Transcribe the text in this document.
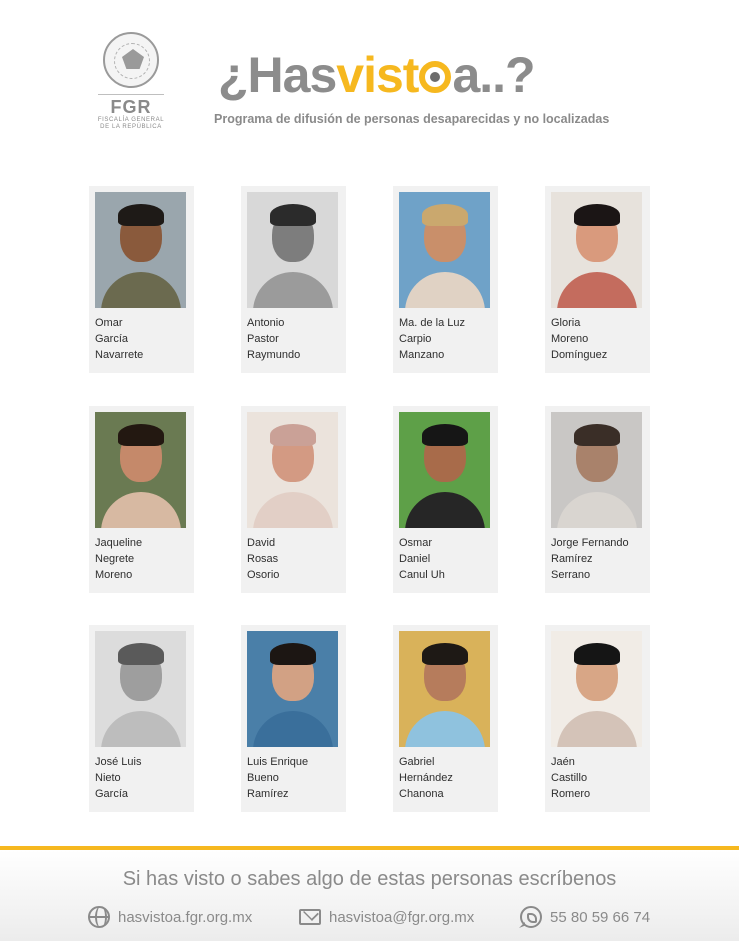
FGR
FISCALÍA GENERAL
DE LA REPÚBLICA
¿Hasvist a..?
Programa de difusión de personas desaparecidas y no localizadas
Omar
García
Navarrete
Antonio
Pastor
Raymundo
Ma. de la Luz
Carpio
Manzano
Gloria
Moreno
Domínguez
Jaqueline
Negrete
Moreno
David
Rosas
Osorio
Osmar
Daniel
Canul Uh
Jorge Fernando
Ramírez
Serrano
José Luis
Nieto
García
Luis Enrique
Bueno
Ramírez
Gabriel
Hernández
Chanona
Jaén
Castillo
Romero
Si has visto o sabes algo de estas personas escríbenos
hasvistoa.fgr.org.mx	hasvistoa@fgr.org.mx	55 80 59 66 74
